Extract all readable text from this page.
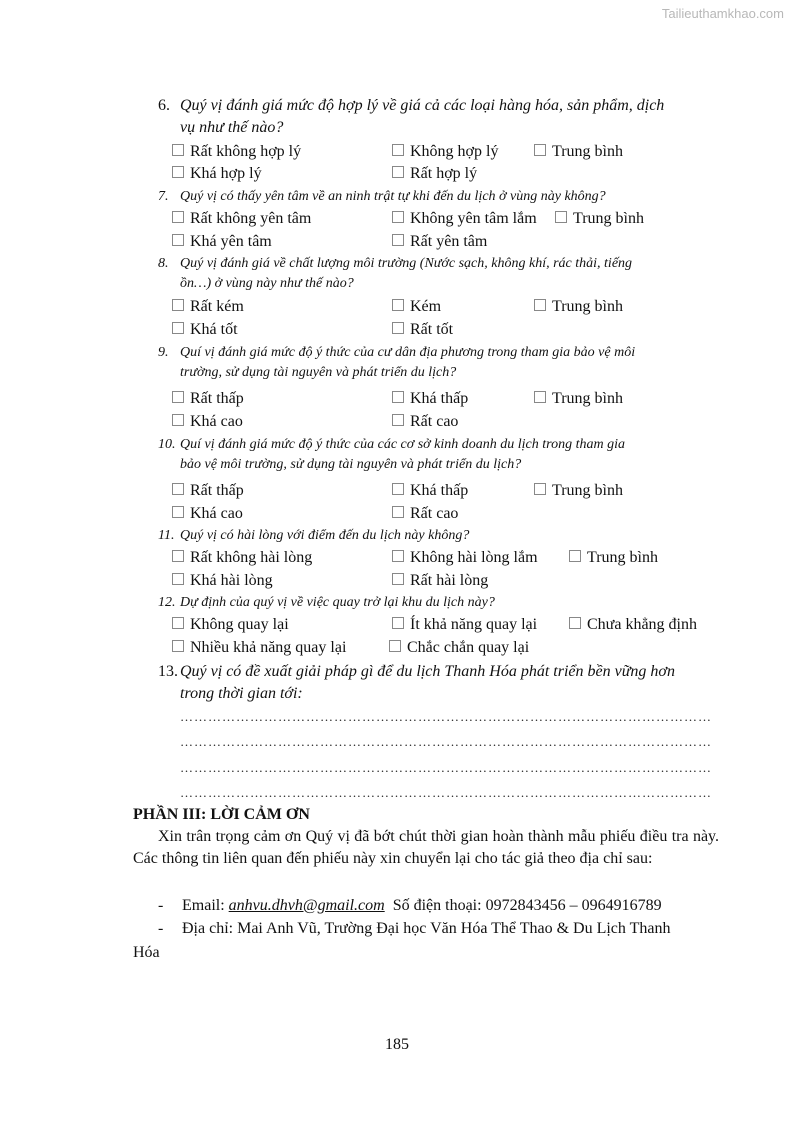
Tailieuthamkhao.com
6. Quý vị đánh giá mức độ hợp lý về giá cả các loại hàng hóa, sản phẩm, dịch
vụ như thế nào?
Rất không hợp lý	Không hợp lý	Trung bình
Khá hợp lý	Rất hợp lý
7. Quý vị có thấy yên tâm về an ninh trật tự khi đến du lịch ở vùng này không?
Rất không yên tâm	Không yên tâm lắm	Trung bình
Khá yên tâm	Rất yên tâm
8. Quý vị đánh giá về chất lượng môi trường (Nước sạch, không khí, rác thải, tiếng
ồn…) ở vùng này như thế nào?
Rất kém	Kém	Trung bình
Khá tốt	Rất tốt
9. Quí vị đánh giá mức độ ý thức của cư dân địa phương trong tham gia bảo vệ môi
trường, sử dụng tài nguyên và phát triển du lịch?
Rất thấp	Khá thấp	Trung bình
Khá cao	Rất cao
10. Quí vị đánh giá mức độ ý thức của các cơ sở kinh doanh du lịch trong tham gia
bảo vệ môi trường, sử dụng tài nguyên và phát triển du lịch?
Rất thấp	Khá thấp	Trung bình
Khá cao	Rất cao
11. Quý vị có hài lòng với điểm đến du lịch này không?
Rất không hài lòng	Không hài lòng lắm	Trung bình
Khá hài lòng	Rất hài lòng
12. Dự định của quý vị về việc quay trở lại khu du lịch này?
Không quay lại	Ít khả năng quay lại	Chưa khẳng định
Nhiều khả năng quay lại	Chắc chắn quay lại
13. Quý vị có đề xuất giải pháp gì để du lịch Thanh Hóa phát triển bền vững hơn
trong thời gian tới:
……………………………………………………………………………………………………
……………………………………………………………………………………………………
……………………………………………………………………………………………………
……………………………………………………………………………………………………
PHẦN III: LỜI CẢM ƠN
Xin trân trọng cảm ơn Quý vị đã bớt chút thời gian hoàn thành mẫu phiếu điều tra này. Các thông tin liên quan đến phiếu này xin chuyển lại cho tác giả theo địa chỉ sau:
- Email: anhvu.dhvh@gmail.com Số điện thoại: 0972843456 – 0964916789
- Địa chỉ: Mai Anh Vũ, Trường Đại học Văn Hóa Thể Thao & Du Lịch Thanh
Hóa
185
